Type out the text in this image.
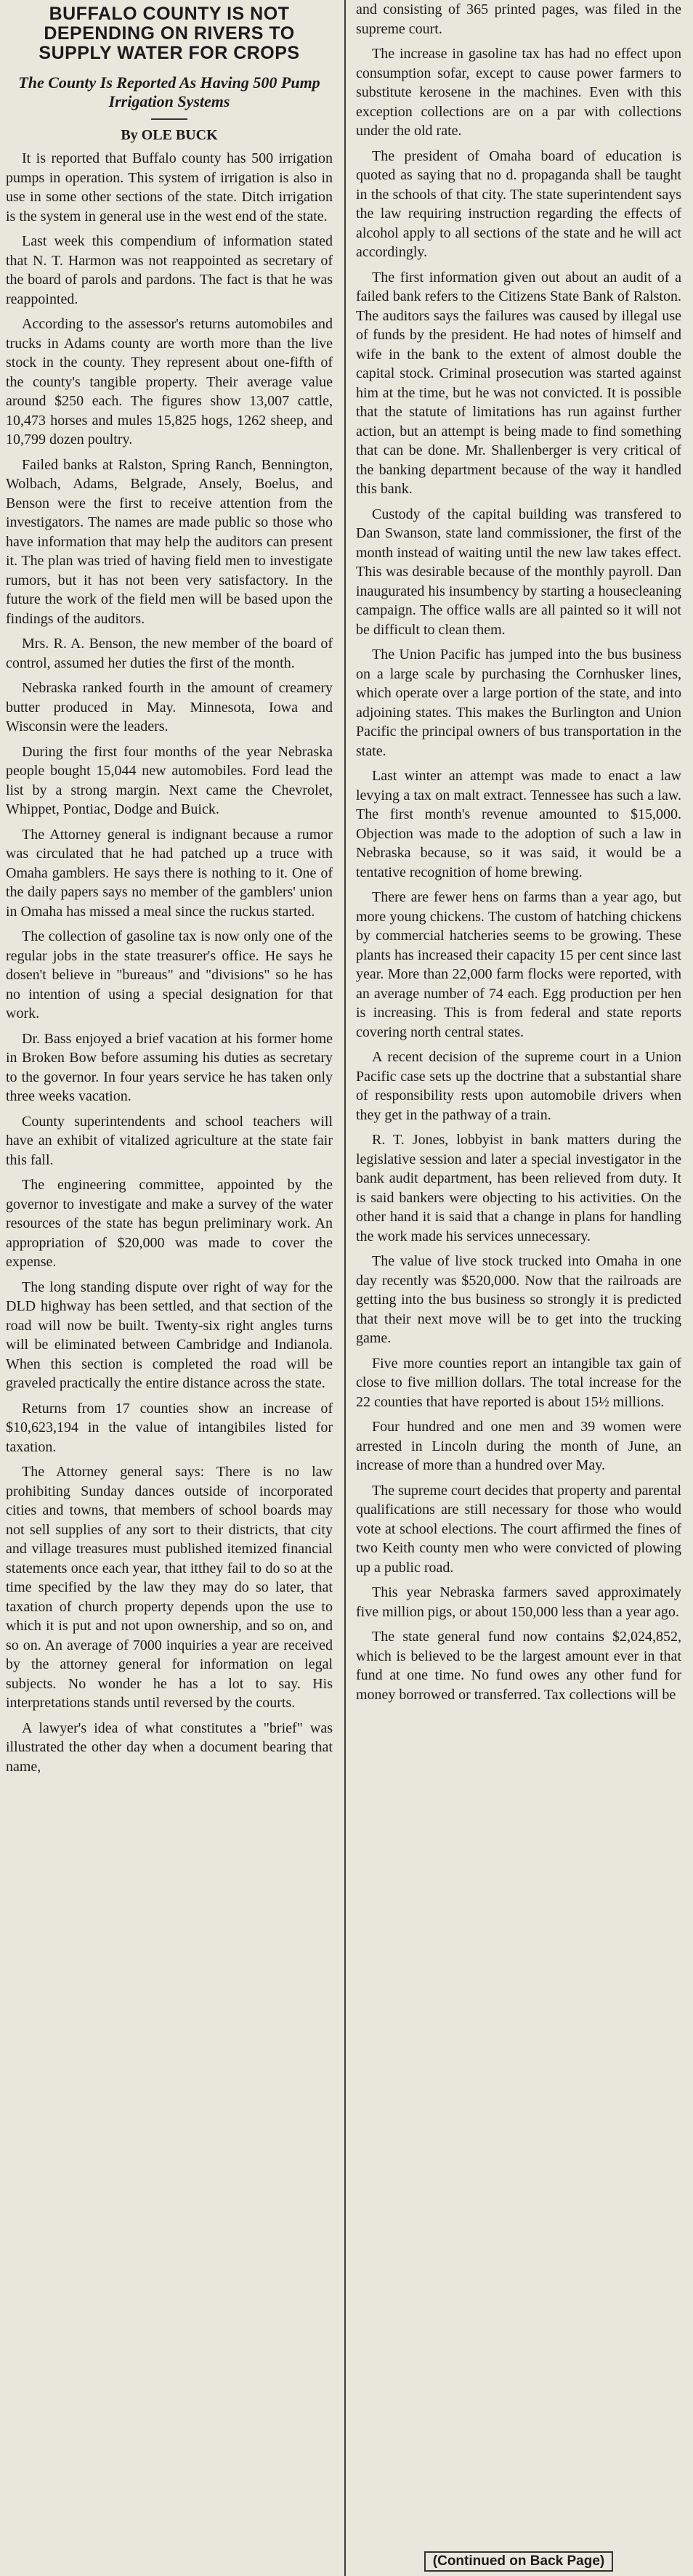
BUFFALO COUNTY IS NOT DEPENDING ON RIVERS TO SUPPLY WATER FOR CROPS
The County Is Reported As Having 500 Pump Irrigation Systems
By OLE BUCK

It is reported that Buffalo county has 500 irrigation pumps in operation. This system of irrigation is also in use in some other sections of the state. Ditch irrigation is the system in general use in the west end of the state.

Last week this compendium of information stated that N. T. Harmon was not reappointed as secretary of the board of parols and pardons. The fact is that he was reappointed.

According to the assessor's returns automobiles and trucks in Adams county are worth more than the live stock in the county. They represent about one-fifth of the county's tangible property. Their average value around $250 each. The figures show 13,007 cattle, 10,473 horses and mules 15,825 hogs, 1262 sheep, and 10,799 dozen poultry.

Failed banks at Ralston, Spring Ranch, Bennington, Wolbach, Adams, Belgrade, Ansely, Boelus, and Benson were the first to receive attention from the investigators. The names are made public so those who have information that may help the auditors can present it. The plan was tried of having field men to investigate rumors, but it has not been very satisfactory. In the future the work of the field men will be based upon the findings of the auditors.

Mrs. R. A. Benson, the new member of the board of control, assumed her duties the first of the month.

Nebraska ranked fourth in the amount of creamery butter produced in May. Minnesota, Iowa and Wisconsin were the leaders.

During the first four months of the year Nebraska people bought 15,044 new automobiles. Ford lead the list by a strong margin. Next came the Chevrolet, Whippet, Pontiac, Dodge and Buick.

The Attorney general is indignant because a rumor was circulated that he had patched up a truce with Omaha gamblers. He says there is nothing to it. One of the daily papers says no member of the gamblers' union in Omaha has missed a meal since the ruckus started.

The collection of gasoline tax is now only one of the regular jobs in the state treasurer's office. He says he dosen't believe in "bureaus" and "divisions" so he has no intention of using a special designation for that work.

Dr. Bass enjoyed a brief vacation at his former home in Broken Bow before assuming his duties as secretary to the governor. In four years service he has taken only three weeks vacation.

County superintendents and school teachers will have an exhibit of vitalized agriculture at the state fair this fall.

The engineering committee, appointed by the governor to investigate and make a survey of the water resources of the state has begun preliminary work. An appropriation of $20,000 was made to cover the expense.

The long standing dispute over right of way for the DLD highway has been settled, and that section of the road will now be built. Twenty-six right angles turns will be eliminated between Cambridge and Indianola. When this section is completed the road will be graveled practically the entire distance across the state.

Returns from 17 counties show an increase of $10,623,194 in the value of intangibiles listed for taxation.

The Attorney general says: There is no law prohibiting Sunday dances outside of incorporated cities and towns, that members of school boards may not sell supplies of any sort to their districts, that city and village treasures must published itemized financial statements once each year, that itthey fail to do so at the time specified by the law they may do so later, that taxation of church property depends upon the use to which it is put and not upon ownership, and so on, and so on. An average of 7000 inquiries a year are received by the attorney general for information on legal subjects. No wonder he has a lot to say. His interpretations stands until reversed by the courts.

A lawyer's idea of what constitutes a "brief" was illustrated the other day when a document bearing that name,

and consisting of 365 printed pages, was filed in the supreme court.

The increase in gasoline tax has had no effect upon consumption sofar, except to cause power farmers to substitute kerosene in the machines. Even with this exception collections are on a par with collections under the old rate.

The president of Omaha board of education is quoted as saying that no d. propaganda shall be taught in the schools of that city. The state superintendent says the law requiring instruction regarding the effects of alcohol apply to all sections of the state and he will act accordingly.

The first information given out about an audit of a failed bank refers to the Citizens State Bank of Ralston. The auditors says the failures was caused by illegal use of funds by the president. He had notes of himself and wife in the bank to the extent of almost double the capital stock. Criminal prosecution was started against him at the time, but he was not convicted. It is possible that the statute of limitations has run against further action, but an attempt is being made to find something that can be done. Mr. Shallenberger is very critical of the banking department because of the way it handled this bank.

Custody of the capital building was transfered to Dan Swanson, state land commissioner, the first of the month instead of waiting until the new law takes effect. This was desirable because of the monthly payroll. Dan inaugurated his insumbency by starting a housecleaning campaign. The office walls are all painted so it will not be difficult to clean them.

The Union Pacific has jumped into the bus business on a large scale by purchasing the Cornhusker lines, which operate over a large portion of the state, and into adjoining states. This makes the Burlington and Union Pacific the principal owners of bus transportation in the state.

Last winter an attempt was made to enact a law levying a tax on malt extract. Tennessee has such a law. The first month's revenue amounted to $15,000. Objection was made to the adoption of such a law in Nebraska because, so it was said, it would be a tentative recognition of home brewing.

There are fewer hens on farms than a year ago, but more young chickens. The custom of hatching chickens by commercial hatcheries seems to be growing. These plants has increased their capacity 15 per cent since last year. More than 22,000 farm flocks were reported, with an average number of 74 each. Egg production per hen is increasing. This is from federal and state reports covering north central states.

A recent decision of the supreme court in a Union Pacific case sets up the doctrine that a substantial share of responsibility rests upon automobile drivers when they get in the pathway of a train.

R. T. Jones, lobbyist in bank matters during the legislative session and later a special investigator in the bank audit department, has been relieved from duty. It is said bankers were objecting to his activities. On the other hand it is said that a change in plans for handling the work made his services unnecessary.

The value of live stock trucked into Omaha in one day recently was $520,000. Now that the railroads are getting into the bus business so strongly it is predicted that their next move will be to get into the trucking game.

Five more counties report an intangible tax gain of close to five million dollars. The total increase for the 22 counties that have reported is about 15½ millions.

Four hundred and one men and 39 women were arrested in Lincoln during the month of June, an increase of more than a hundred over May.

The supreme court decides that property and parental qualifications are still necessary for those who would vote at school elections. The court affirmed the fines of two Keith county men who were convicted of plowing up a public road.

This year Nebraska farmers saved approximately five million pigs, or about 150,000 less than a year ago.

The state general fund now contains $2,024,852, which is believed to be the largest amount ever in that fund at one time. No fund owes any other fund for money borrowed or transferred. Tax collections will be

(Continued on Back Page)
